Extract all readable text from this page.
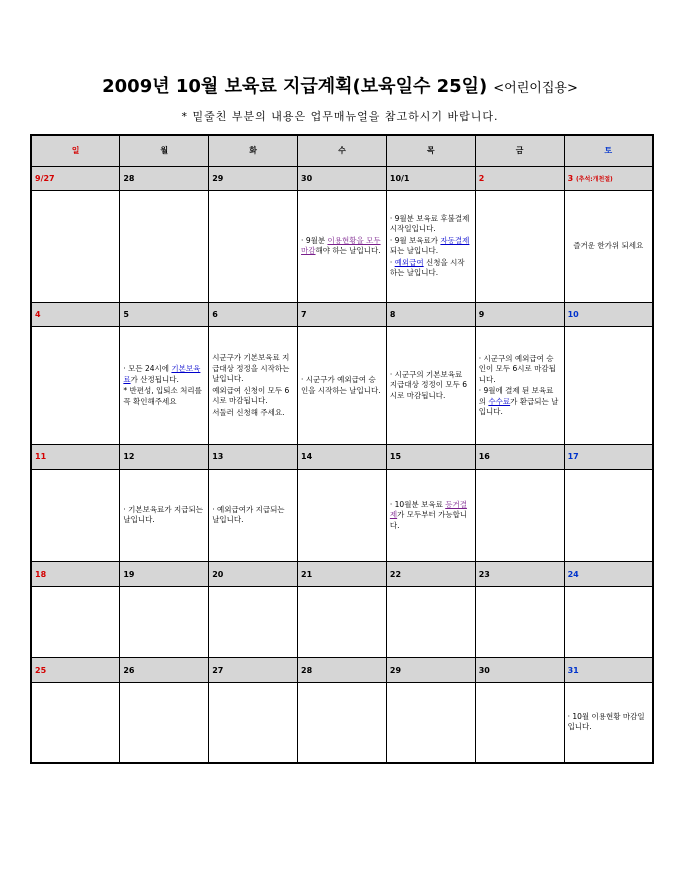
2009년 10월 보육료 지급계획(보육일수 25일) <어린이집용>
* 밑줄친 부분의 내용은 업무매뉴얼을 참고하시기 바랍니다.
일	월	화	수	목	금	토
9/27	28	29	30	10/1	2	3 (추석:개천절)

			· 9월분 이용현황을 모두 마감해야 하는 날입니다.	· 9월분 보육료 후불결제 시작일입니다.
· 9월 보육료가 자동결제되는 날입니다.
· 예외급여 신청을 시작하는 날입니다.		즐거운 한가위 되세요
4	5	6	7	8	9	10

	· 모든 24시에 기본보육료가 산정됩니다.
* 반편성, 입퇴소 처리를 꼭 확인해주세요	시군구가 기본보육료 지급대상 정정을 시작하는 날입니다.
예외급여 신청이 모두 6시로 마감됩니다.
서둘러 신청해 주세요.	· 시군구가 예외급여 승인을 시작하는 날입니다.	· 시군구의 기본보육료 지급대상 정정이 모두 6시로 마감됩니다.	· 시군구의 예외급여 승인이 모두 6시로 마감됩니다.
· 9월에 결제 된 보육료의 수수료가 환급되는 날입니다.	

11	12	13	14	15	16	17

	· 기본보육료가 지급되는 날입니다.	· 예외급여가 지급되는 날입니다.		· 10월분 보육료 등거결제가 모두부터 가능합니다.		

18	19	20	21	22	23	24

25	26	27	28	29	30	31

						· 10월 이용현황 마감일 입니다.
